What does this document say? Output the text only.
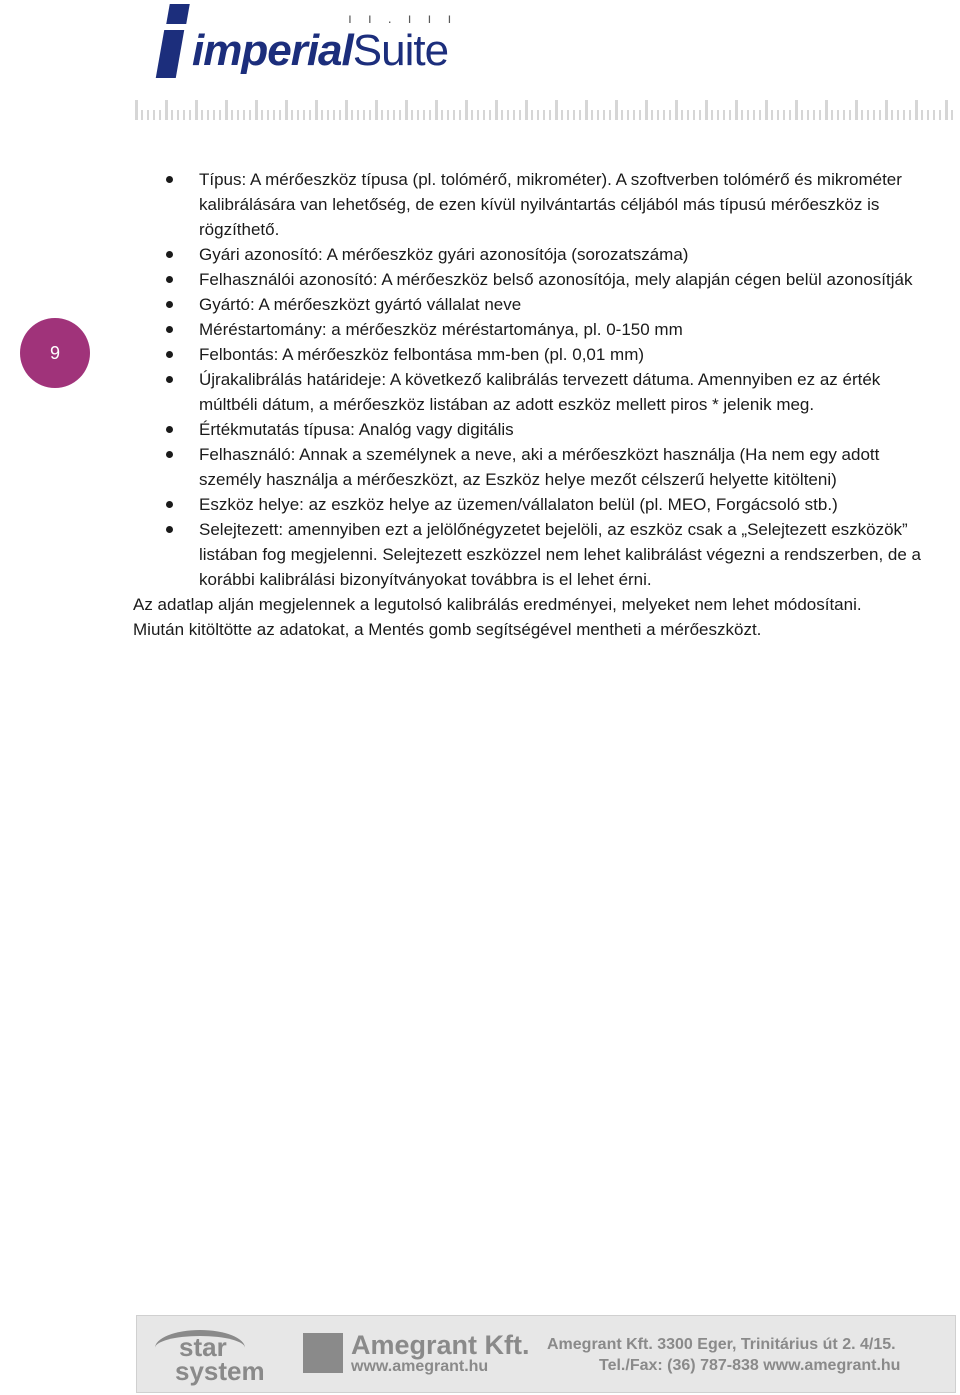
imperialSuite
ıı.ııı
9
Típus: A mérőeszköz típusa (pl. tolómérő, mikrométer). A szoftverben tolómérő és mikrométer kalibrálására van lehetőség, de ezen kívül nyilvántartás céljából más típusú mérőeszköz is rögzíthető.
Gyári azonosító: A mérőeszköz gyári azonosítója (sorozatszáma)
Felhasználói azonosító: A mérőeszköz belső azonosítója, mely alapján cégen belül azonosítják
Gyártó: A mérőeszközt gyártó vállalat neve
Méréstartomány: a mérőeszköz méréstartománya, pl. 0-150 mm
Felbontás: A mérőeszköz felbontása mm-ben (pl. 0,01 mm)
Újrakalibrálás határideje: A következő kalibrálás tervezett dátuma. Amennyiben ez az érték múltbéli dátum, a mérőeszköz listában az adott eszköz mellett piros * jelenik meg.
Értékmutatás típusa: Analóg vagy digitális
Felhasználó: Annak a személynek a neve, aki a mérőeszközt használja (Ha nem egy adott személy használja a mérőeszközt, az Eszköz helye mezőt célszerű helyette kitölteni)
Eszköz helye: az eszköz helye az üzemen/vállalaton belül (pl. MEO, Forgácsoló stb.)
Selejtezett: amennyiben ezt a jelölőnégyzetet bejelöli, az eszköz csak a „Selejtezett eszközök” listában fog megjelenni. Selejtezett eszközzel nem lehet kalibrálást végezni a rendszerben, de a korábbi kalibrálási bizonyítványokat továbbra is el lehet érni.

Az adatlap alján megjelennek a legutolsó kalibrálás eredményei, melyeket nem lehet módosítani.

Miután kitöltötte az adatokat, a Mentés gomb segítségével mentheti a mérőeszközt.

star
system
Amegrant Kft.
www.amegrant.hu
Amegrant Kft. 3300 Eger, Trinitárius út 2. 4/15.
Tel./Fax: (36) 787-838 www.amegrant.hu
